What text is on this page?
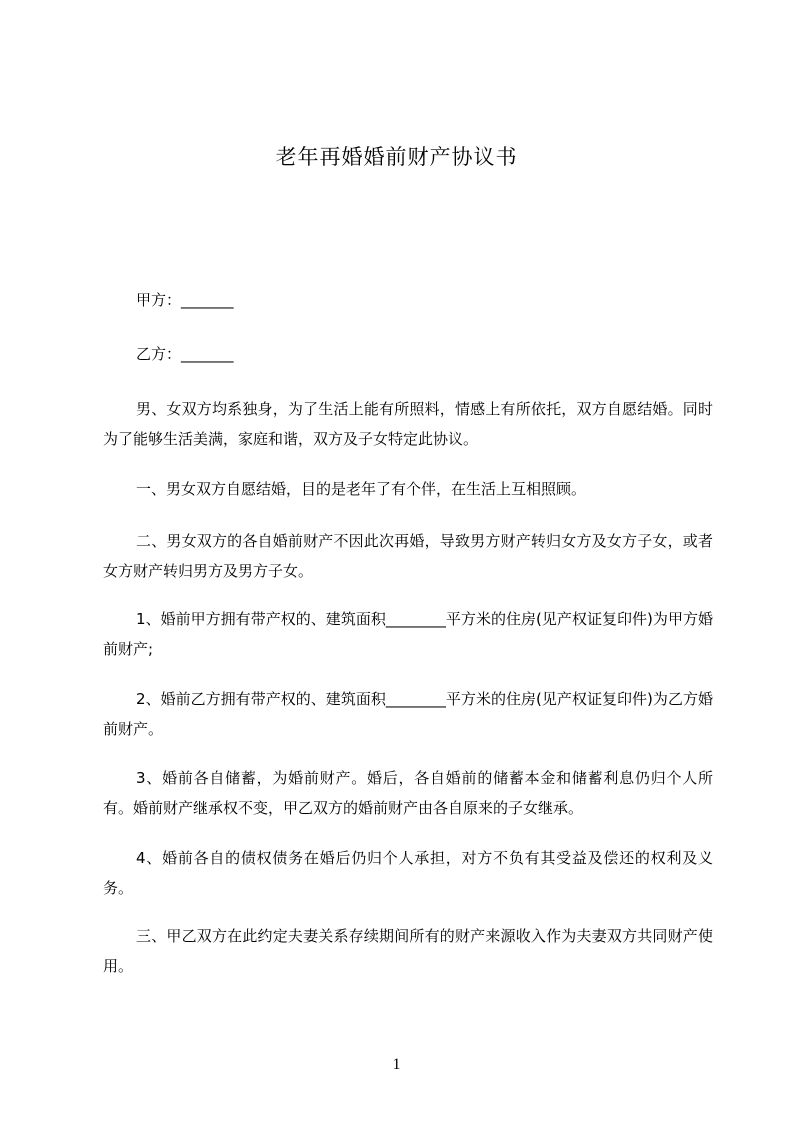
老年再婚婚前财产协议书
甲方：_______
乙方：_______
男、女双方均系独身，为了生活上能有所照料，情感上有所依托，双方自愿结婚。同时为了能够生活美满，家庭和谐，双方及子女特定此协议。
一、男女双方自愿结婚，目的是老年了有个伴，在生活上互相照顾。
二、男女双方的各自婚前财产不因此次再婚，导致男方财产转归女方及女方子女，或者女方财产转归男方及男方子女。
1、婚前甲方拥有带产权的、建筑面积________平方米的住房(见产权证复印件)为甲方婚前财产;
2、婚前乙方拥有带产权的、建筑面积________平方米的住房(见产权证复印件)为乙方婚前财产。
3、婚前各自储蓄，为婚前财产。婚后，各自婚前的储蓄本金和储蓄利息仍归个人所有。婚前财产继承权不变，甲乙双方的婚前财产由各自原来的子女继承。
4、婚前各自的债权债务在婚后仍归个人承担，对方不负有其受益及偿还的权利及义务。
三、甲乙双方在此约定夫妻关系存续期间所有的财产来源收入作为夫妻双方共同财产使用。
1
